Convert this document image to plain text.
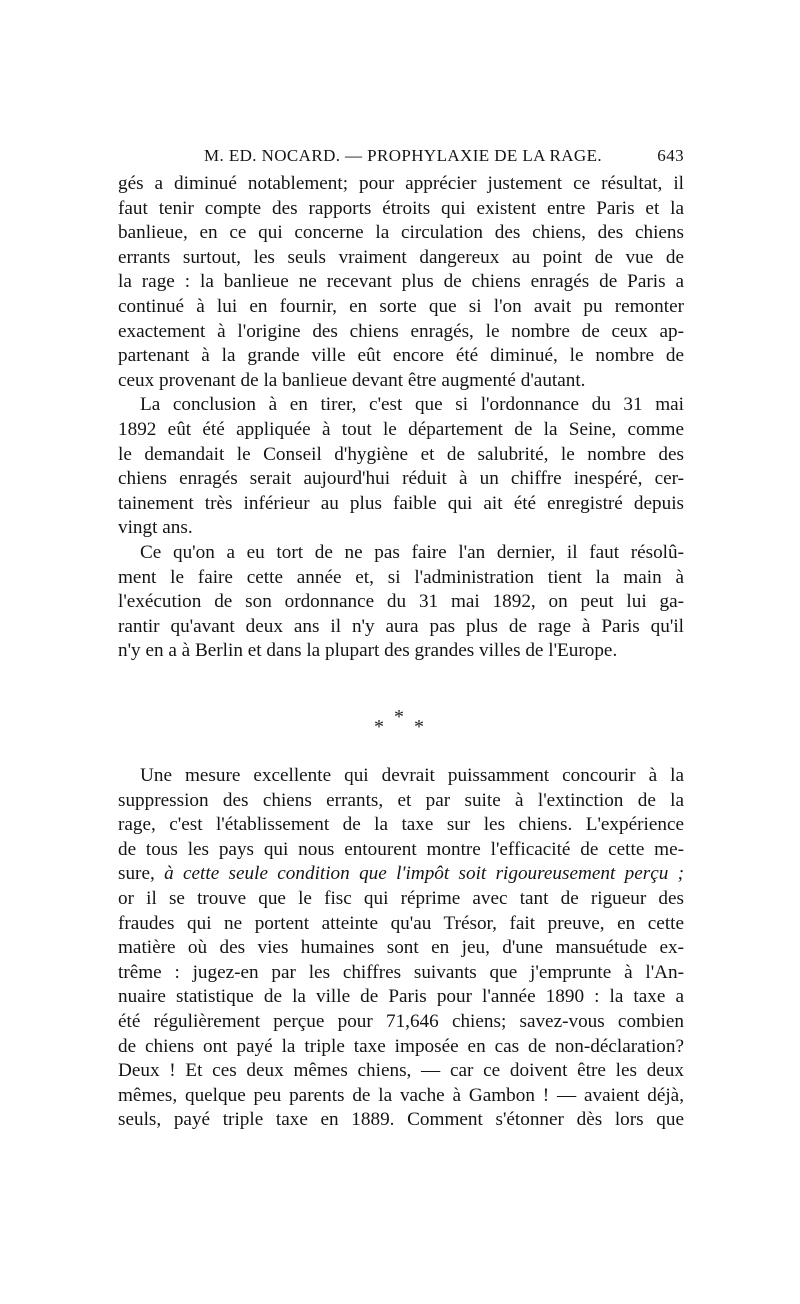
M. ED. NOCARD. — PROPHYLAXIE DE LA RAGE.	643

gés a diminué notablement; pour apprécier justement ce résultat, il
faut tenir compte des rapports étroits qui existent entre Paris et la
banlieue, en ce qui concerne la circulation des chiens, des chiens
errants surtout, les seuls vraiment dangereux au point de vue de
la rage : la banlieue ne recevant plus de chiens enragés de Paris a
continué à lui en fournir, en sorte que si l'on avait pu remonter
exactement à l'origine des chiens enragés, le nombre de ceux ap-
partenant à la grande ville eût encore été diminué, le nombre de
ceux provenant de la banlieue devant être augmenté d'autant.

La conclusion à en tirer, c'est que si l'ordonnance du 31 mai
1892 eût été appliquée à tout le département de la Seine, comme
le demandait le Conseil d'hygiène et de salubrité, le nombre des
chiens enragés serait aujourd'hui réduit à un chiffre inespéré, cer-
tainement très inférieur au plus faible qui ait été enregistré depuis
vingt ans.

Ce qu'on a eu tort de ne pas faire l'an dernier, il faut résolû-
ment le faire cette année et, si l'administration tient la main à
l'exécution de son ordonnance du 31 mai 1892, on peut lui ga-
rantir qu'avant deux ans il n'y aura pas plus de rage à Paris qu'il
n'y en a à Berlin et dans la plupart des grandes villes de l'Europe.

*
* *

Une mesure excellente qui devrait puissamment concourir à la
suppression des chiens errants, et par suite à l'extinction de la
rage, c'est l'établissement de la taxe sur les chiens. L'expérience
de tous les pays qui nous entourent montre l'efficacité de cette me-
sure, à cette seule condition que l'impôt soit rigoureusement perçu ;
or il se trouve que le fisc qui réprime avec tant de rigueur des
fraudes qui ne portent atteinte qu'au Trésor, fait preuve, en cette
matière où des vies humaines sont en jeu, d'une mansuétude ex-
trême : jugez-en par les chiffres suivants que j'emprunte à l'An-
nuaire statistique de la ville de Paris pour l'année 1890 : la taxe a
été régulièrement perçue pour 71,646 chiens; savez-vous combien
de chiens ont payé la triple taxe imposée en cas de non-déclaration?
Deux ! Et ces deux mêmes chiens, — car ce doivent être les deux
mêmes, quelque peu parents de la vache à Gambon ! — avaient déjà,
seuls, payé triple taxe en 1889. Comment s'étonner dès lors que
